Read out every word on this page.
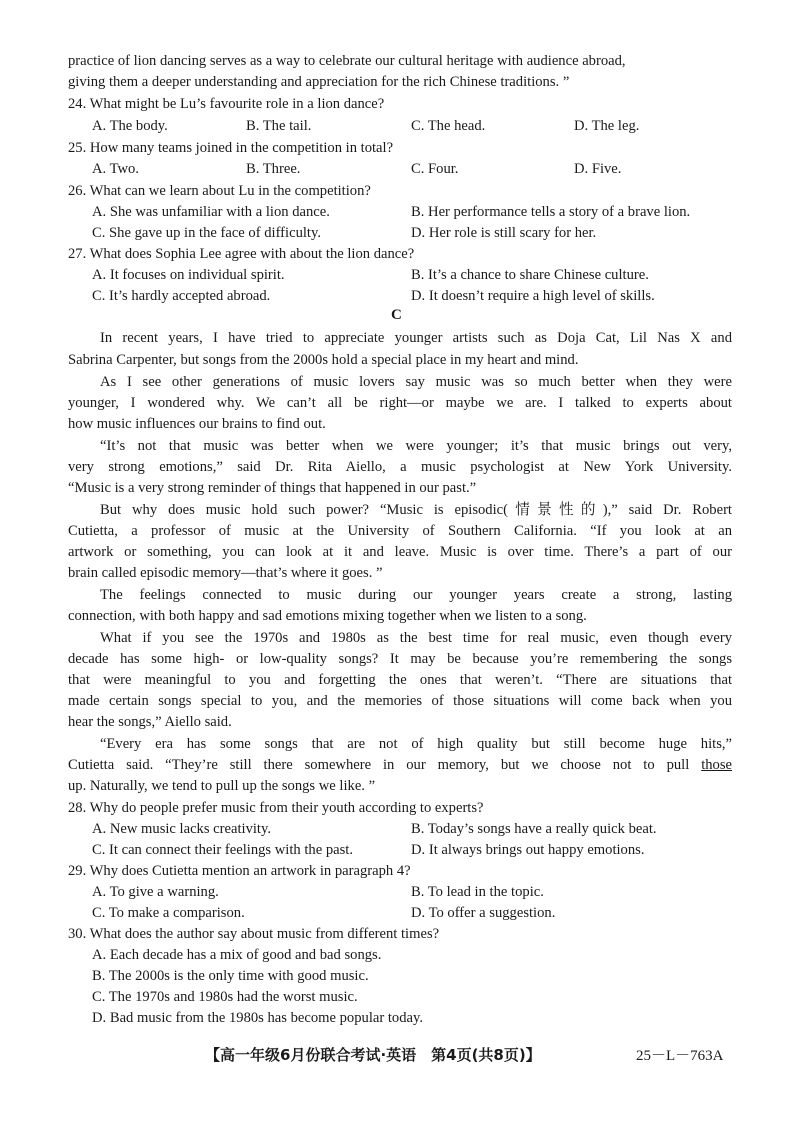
practice of lion dancing serves as a way to celebrate our cultural heritage with audience abroad,
giving them a deeper understanding and appreciation for the rich Chinese traditions. ”
24. What might be Lu’s favourite role in a lion dance?
A. The body.	B. The tail.	C. The head.	D. The leg.
25. How many teams joined in the competition in total?
A. Two.	B. Three.	C. Four.	D. Five.
26. What can we learn about Lu in the competition?
A. She was unfamiliar with a lion dance.	B. Her performance tells a story of a brave lion.
C. She gave up in the face of difficulty.	D. Her role is still scary for her.
27. What does Sophia Lee agree with about the lion dance?
A. It focuses on individual spirit.	B. It’s a chance to share Chinese culture.
C. It’s hardly accepted abroad.	D. It doesn’t require a high level of skills.
C
In recent years, I have tried to appreciate younger artists such as Doja Cat, Lil Nas X and
Sabrina Carpenter, but songs from the 2000s hold a special place in my heart and mind.
As I see other generations of music lovers say music was so much better when they were
younger, I wondered why. We can’t all be right—or maybe we are. I talked to experts about
how music influences our brains to find out.
“It’s not that music was better when we were younger; it’s that music brings out very,
very strong emotions,” said Dr. Rita Aiello, a music psychologist at New York University.
“Music is a very strong reminder of things that happened in our past.”
But why does music hold such power? “Music is episodic(情景性的),” said Dr. Robert
Cutietta, a professor of music at the University of Southern California. “If you look at an
artwork or something, you can look at it and leave. Music is over time. There’s a part of our
brain called episodic memory—that’s where it goes. ”
The feelings connected to music during our younger years create a strong, lasting
connection, with both happy and sad emotions mixing together when we listen to a song.
What if you see the 1970s and 1980s as the best time for real music, even though every
decade has some high- or low-quality songs? It may be because you’re remembering the songs
that were meaningful to you and forgetting the ones that weren’t. “There are situations that
made certain songs special to you, and the memories of those situations will come back when you
hear the songs,” Aiello said.
“Every era has some songs that are not of high quality but still become huge hits,”
Cutietta said. “They’re still there somewhere in our memory, but we choose not to pull those
up. Naturally, we tend to pull up the songs we like. ”
28. Why do people prefer music from their youth according to experts?
A. New music lacks creativity.	B. Today’s songs have a really quick beat.
C. It can connect their feelings with the past.	D. It always brings out happy emotions.
29. Why does Cutietta mention an artwork in paragraph 4?
A. To give a warning.	B. To lead in the topic.
C. To make a comparison.	D. To offer a suggestion.
30. What does the author say about music from different times?
A. Each decade has a mix of good and bad songs.
B. The 2000s is the only time with good music.
C. The 1970s and 1980s had the worst music.
D. Bad music from the 1980s has become popular today.
【高一年级6月份联合考试·英语　第4页(共8页)】	25－L－763A
